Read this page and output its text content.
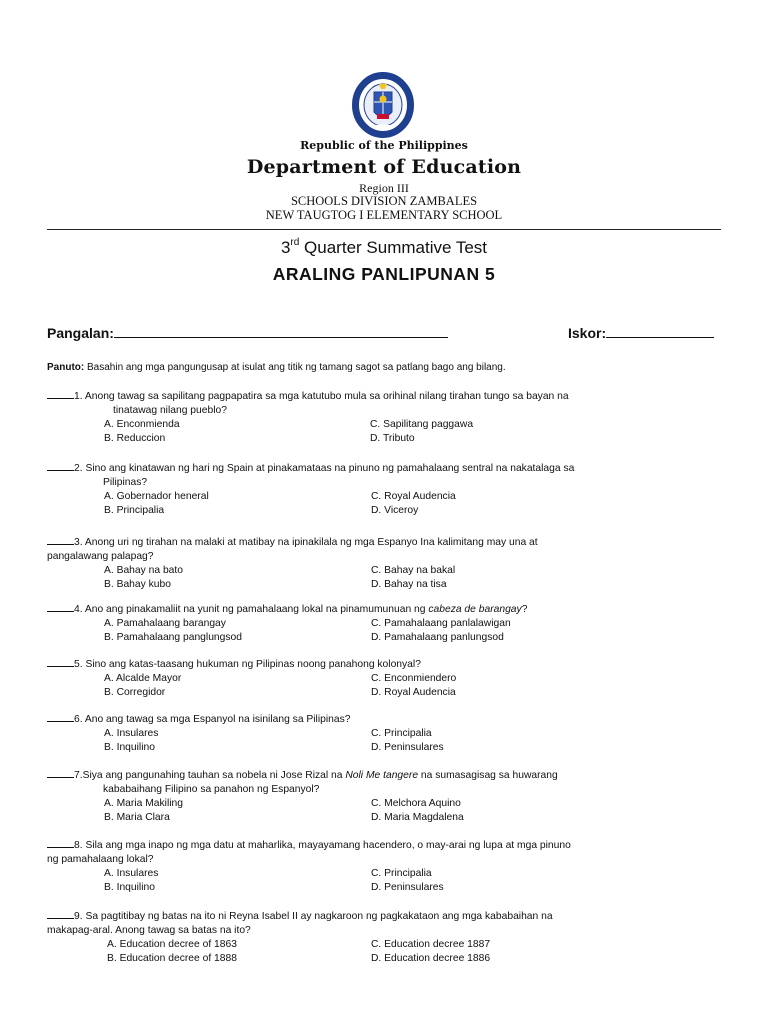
Republic of the Philippines
Department of Education
Region III
SCHOOLS DIVISION ZAMBALES
NEW TAUGTOG I ELEMENTARY SCHOOL
3rd Quarter Summative Test
ARALING PANLIPUNAN 5
Pangalan:	Iskor:
Panuto: Basahin ang mga pangungusap at isulat ang titik ng tamang sagot sa patlang bago ang bilang.
1. Anong tawag sa sapilitang pagpapatira sa mga katutubo mula sa orihinal nilang tirahan tungo sa bayan na
tinatawag nilang pueblo?
A. Enconmienda	C. Sapilitang paggawa
B. Reduccion	D. Tributo
2. Sino ang kinatawan ng hari ng Spain at pinakamataas na pinuno ng pamahalaang sentral na nakatalaga sa
Pilipinas?
A. Gobernador heneral	C. Royal Audencia
B. Principalia	D. Viceroy
3. Anong uri ng tirahan na malaki at matibay na ipinakilala ng mga Espanyo Ina kalimitang may una at
pangalawang palapag?
A. Bahay na bato	C. Bahay na bakal
B. Bahay kubo	D. Bahay na tisa
4. Ano ang pinakamaliit na yunit ng pamahalaang lokal na pinamumunuan ng cabeza de barangay?
A. Pamahalaang barangay	C. Pamahalaang panlalawigan
B. Pamahalaang panglungsod	D. Pamahalaang panlungsod
5. Sino ang katas-taasang hukuman ng Pilipinas noong panahong kolonyal?
A. Alcalde Mayor	C. Enconmiendero
B. Corregidor	D. Royal Audencia
6. Ano ang tawag sa mga Espanyol na isinilang sa Pilipinas?
A. Insulares	C. Principalia
B. Inquilino	D. Peninsulares
7.Siya ang pangunahing tauhan sa nobela ni Jose Rizal na Noli Me tangere na sumasagisag sa huwarang
kababaihang Filipino sa panahon ng Espanyol?
A. Maria Makiling	C. Melchora Aquino
B. Maria Clara	D. Maria Magdalena
8. Sila ang mga inapo ng mga datu at maharlika, mayayamang hacendero, o may-arai ng lupa at mga pinuno
ng pamahalaang lokal?
A. Insulares	C. Principalia
B. Inquilino	D. Peninsulares
9. Sa pagtitibay ng batas na ito ni Reyna Isabel II ay nagkaroon ng pagkakataon ang mga kababaihan na
makapag-aral. Anong tawag sa batas na ito?
A. Education decree of 1863	C. Education decree 1887
B. Education decree of 1888	D. Education decree 1886
